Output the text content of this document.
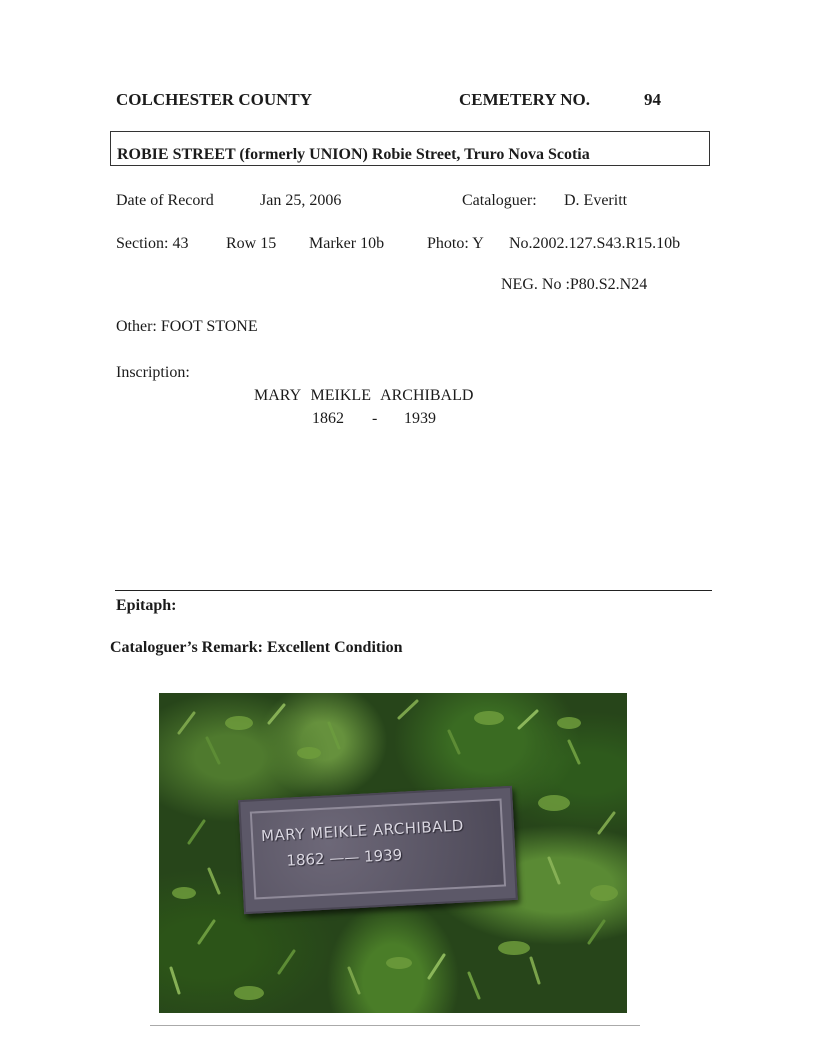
COLCHESTER COUNTY	CEMETERY NO.	94
ROBIE STREET (formerly UNION) Robie Street, Truro Nova Scotia
Date of Record	Jan 25, 2006	Cataloguer: D. Everitt
Section: 43 Row 15 Marker 10b	Photo: Y No.2002.127.S43.R15.10b
NEG. No :P80.S2.N24
Other: FOOT STONE
Inscription:
MARY MEIKLE ARCHIBALD
1862 - 1939
Epitaph:
Cataloguer’s Remark: Excellent Condition
MARY MEIKLE ARCHIBALD
1862 —— 1939
